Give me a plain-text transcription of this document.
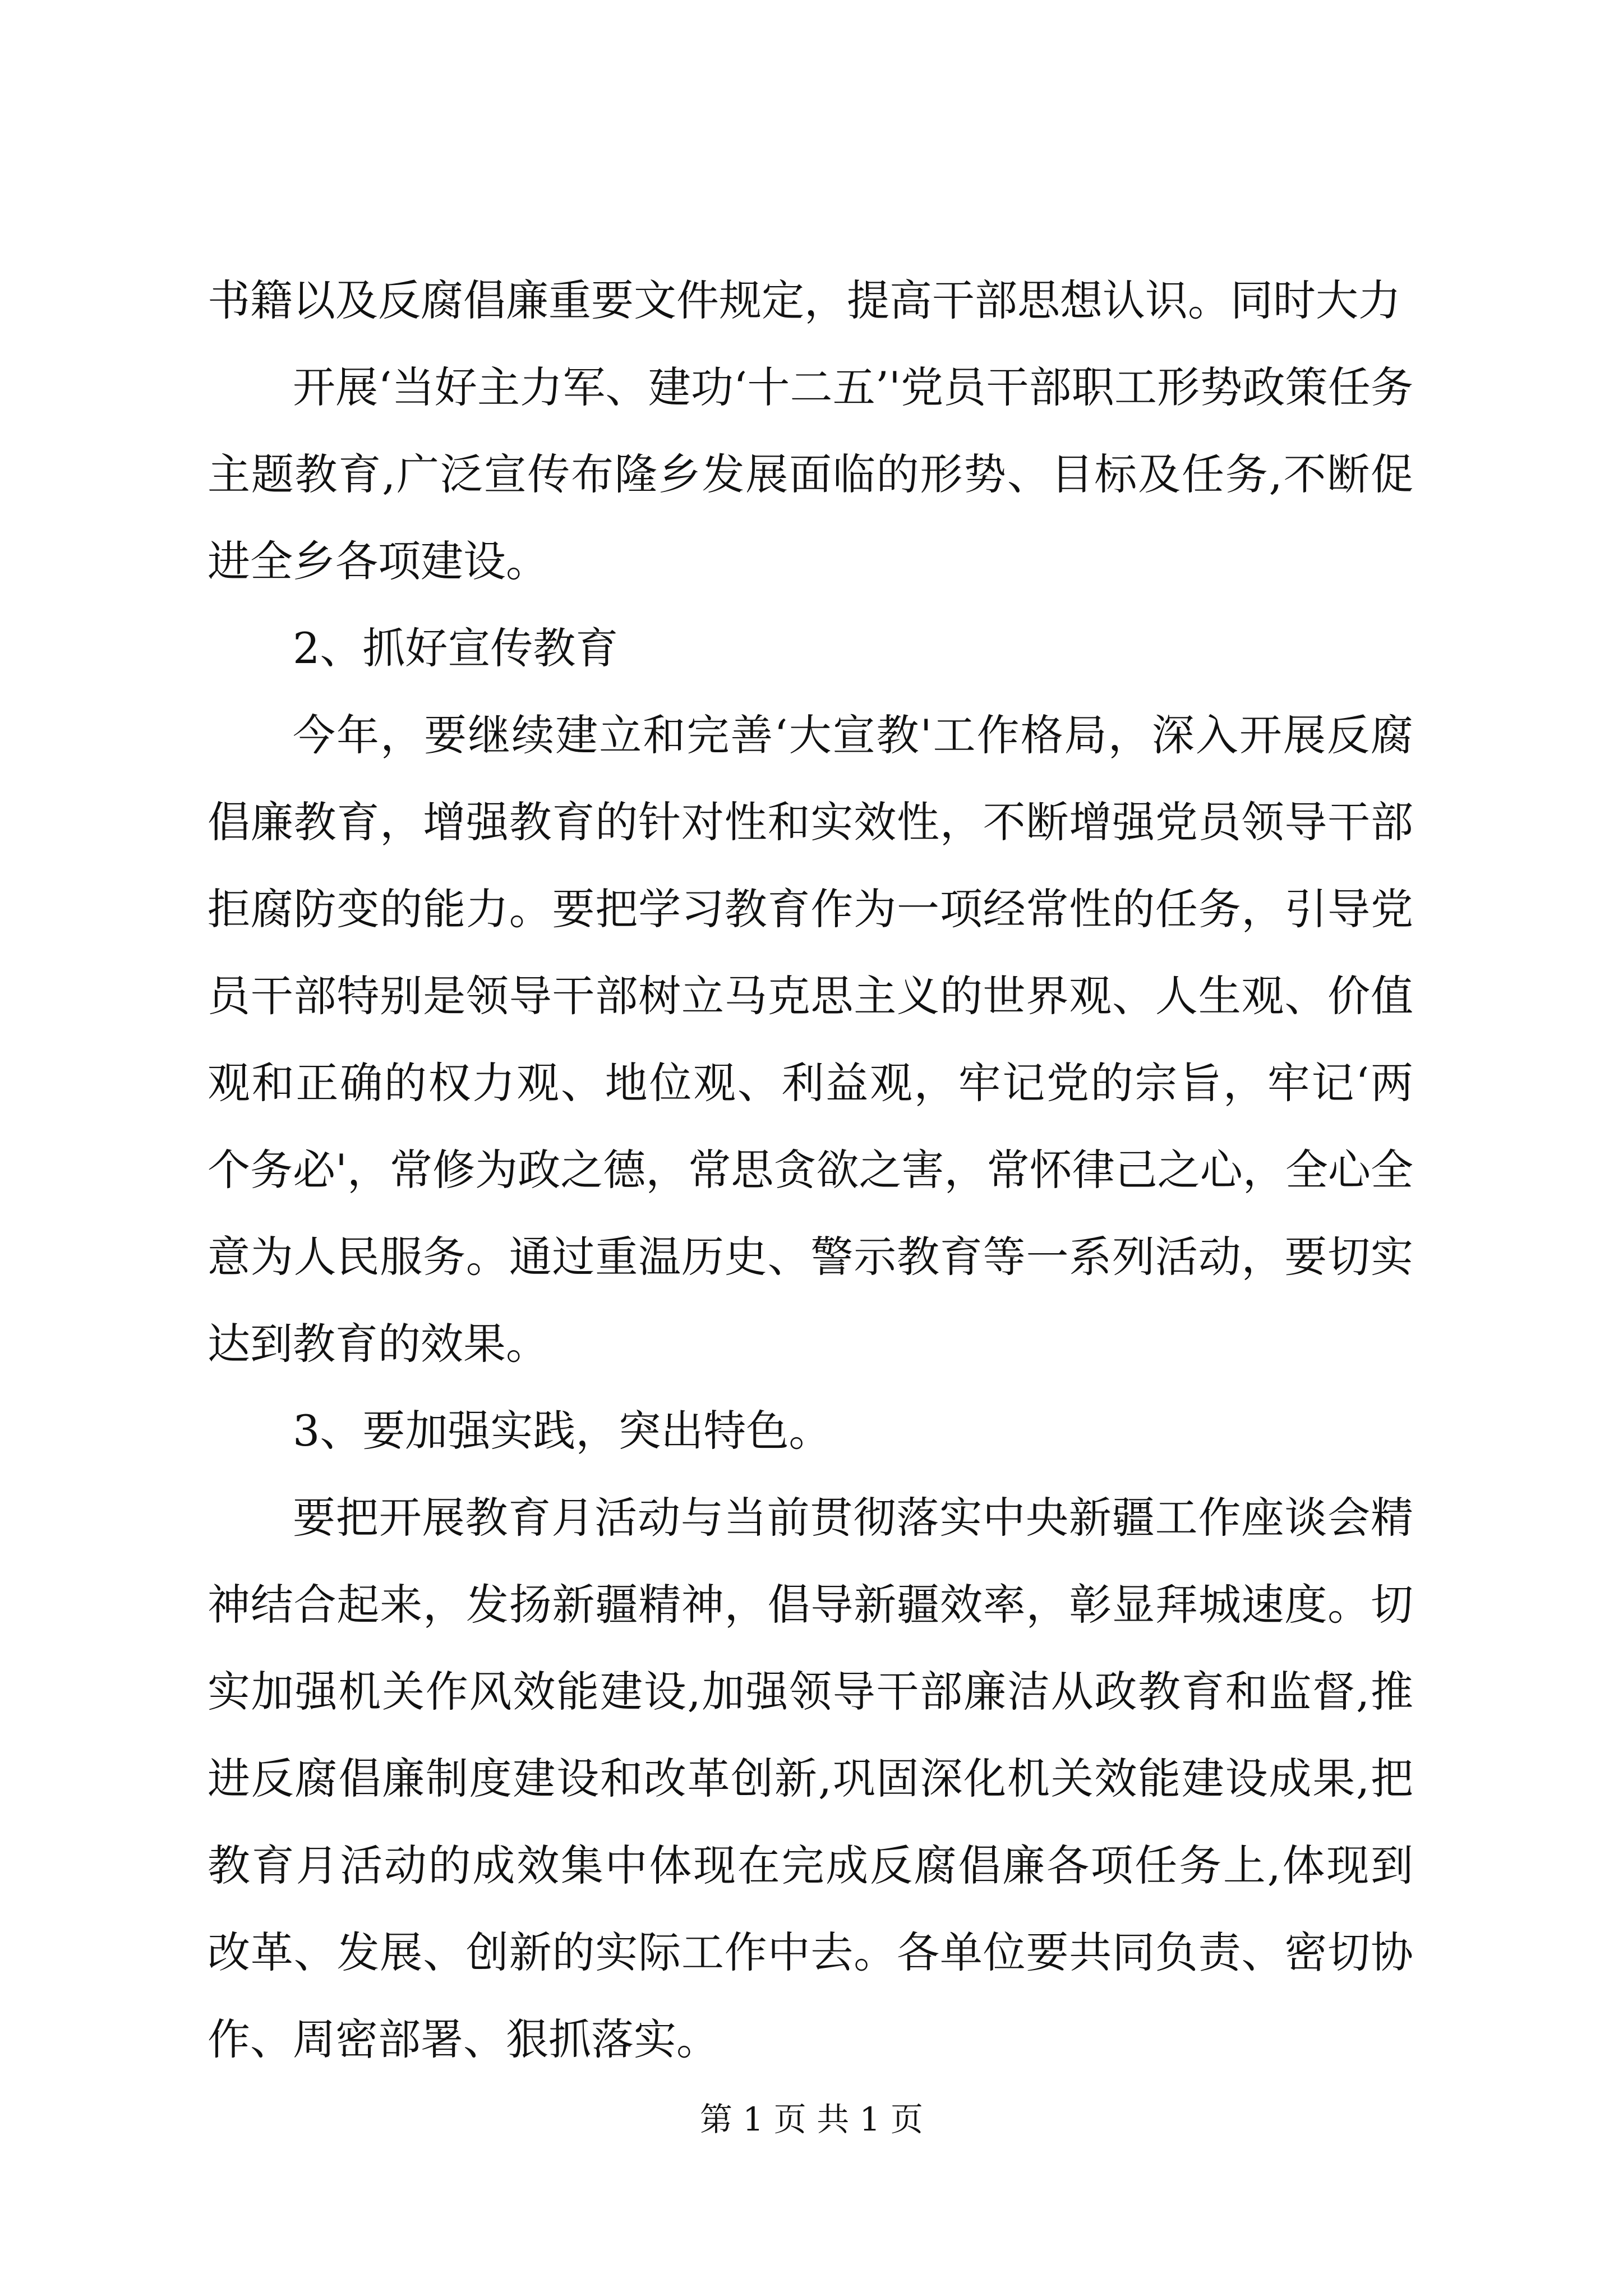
书籍以及反腐倡廉重要文件规定，提高干部思想认识。同时大力

开展‘当好主力军、建功‘十二五’'党员干部职工形势政策任务主题教育,广泛宣传布隆乡发展面临的形势、目标及任务,不断促进全乡各项建设。

2、抓好宣传教育

今年，要继续建立和完善‘大宣教'工作格局，深入开展反腐倡廉教育，增强教育的针对性和实效性，不断增强党员领导干部拒腐防变的能力。要把学习教育作为一项经常性的任务，引导党员干部特别是领导干部树立马克思主义的世界观、人生观、价值观和正确的权力观、地位观、利益观，牢记党的宗旨，牢记‘两个务必'，常修为政之德，常思贪欲之害，常怀律己之心，全心全意为人民服务。通过重温历史、警示教育等一系列活动，要切实达到教育的效果。

3、要加强实践，突出特色。

要把开展教育月活动与当前贯彻落实中央新疆工作座谈会精神结合起来，发扬新疆精神，倡导新疆效率，彰显拜城速度。切实加强机关作风效能建设,加强领导干部廉洁从政教育和监督,推进反腐倡廉制度建设和改革创新,巩固深化机关效能建设成果,把教育月活动的成效集中体现在完成反腐倡廉各项任务上,体现到改革、发展、创新的实际工作中去。各单位要共同负责、密切协作、周密部署、狠抓落实。

第 1 页 共 1 页
